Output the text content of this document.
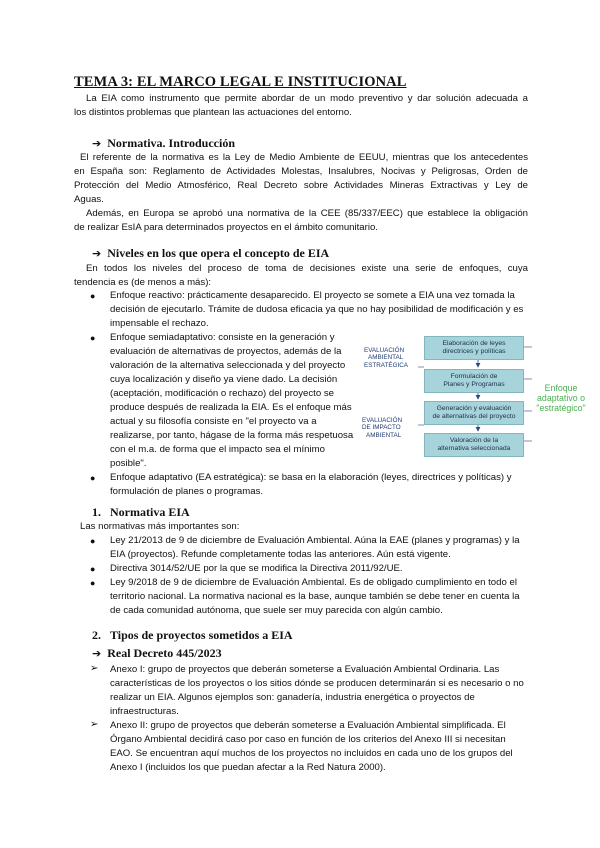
TEMA 3: EL MARCO LEGAL E INSTITUCIONAL
La EIA como instrumento que permite abordar de un modo preventivo y dar solución adecuada a
los distintos problemas que plantean las actuaciones del entorno.
➔ Normativa. Introducción
El referente de la normativa es la Ley de Medio Ambiente de EEUU, mientras que los antecedentes
en España son: Reglamento de Actividades Molestas, Insalubres, Nocivas y Peligrosas, Orden de
Protección del Medio Atmosférico, Real Decreto sobre Actividades Mineras Extractivas y Ley de
Aguas.
Además, en Europa se aprobó una normativa de la CEE (85/337/EEC) que establece la obligación
de realizar EsIA para determinados proyectos en el ámbito comunitario.
➔ Niveles en los que opera el concepto de EIA
En todos los niveles del proceso de toma de decisiones existe una serie de enfoques, cuya
tendencia es (de menos a más):
● Enfoque reactivo: prácticamente desaparecido. El proyecto se somete a EIA una vez tomada la decisión de ejecutarlo. Trámite de dudosa eficacia ya que no hay posibilidad de modificación y es impensable el rechazo.
● Enfoque semiadaptativo: consiste en la generación y evaluación de alternativas de proyectos, además de la valoración de la alternativa seleccionada y del proyecto cuya localización y diseño ya viene dado. La decisión (aceptación, modificación o rechazo) del proyecto se produce después de realizada la EIA. Es el enfoque más actual y su filosofía consiste en "el proyecto va a realizarse, por tanto, hágase de la forma más respetuosa con el m.a. de forma que el impacto sea el mínimo posible".
EVALUACIÓN
AMBIENTAL
ESTRATÉGICA
EVALUACIÓN
DE IMPACTO
AMBIENTAL
Elaboración de leyes
directrices y políticas
Formulación de
Planes y Programas
Generación y evaluación
de alternativas del proyecto
Valoración de la
alternativa seleccionada
Enfoque
adaptativo o
"estratégico"
● Enfoque adaptativo (EA estratégica): se basa en la elaboración (leyes, directrices y políticas) y formulación de planes o programas.
1. Normativa EIA
Las normativas más importantes son:
● Ley 21/2013 de 9 de diciembre de Evaluación Ambiental. Aúna la EAE (planes y programas) y la EIA (proyectos). Refunde completamente todas las anteriores. Aún está vigente.
● Directiva 3014/52/UE por la que se modifica la Directiva 2011/92/UE.
● Ley 9/2018 de 9 de diciembre de Evaluación Ambiental. Es de obligado cumplimiento en todo el territorio nacional. La normativa nacional es la base, aunque también se debe tener en cuenta la de cada comunidad autónoma, que suele ser muy parecida con algún cambio.
2. Tipos de proyectos sometidos a EIA
➔ Real Decreto 445/2023
➢ Anexo I: grupo de proyectos que deberán someterse a Evaluación Ambiental Ordinaria. Las características de los proyectos o los sitios dónde se producen determinarán si es necesario o no realizar un EIA. Algunos ejemplos son: ganadería, industria energética o proyectos de infraestructuras.
➢ Anexo II: grupo de proyectos que deberán someterse a Evaluación Ambiental simplificada. El Órgano Ambiental decidirá caso por caso en función de los criterios del Anexo III si necesitan EAO. Se encuentran aquí muchos de los proyectos no incluidos en cada uno de los grupos del Anexo I (incluidos los que puedan afectar a la Red Natura 2000).
